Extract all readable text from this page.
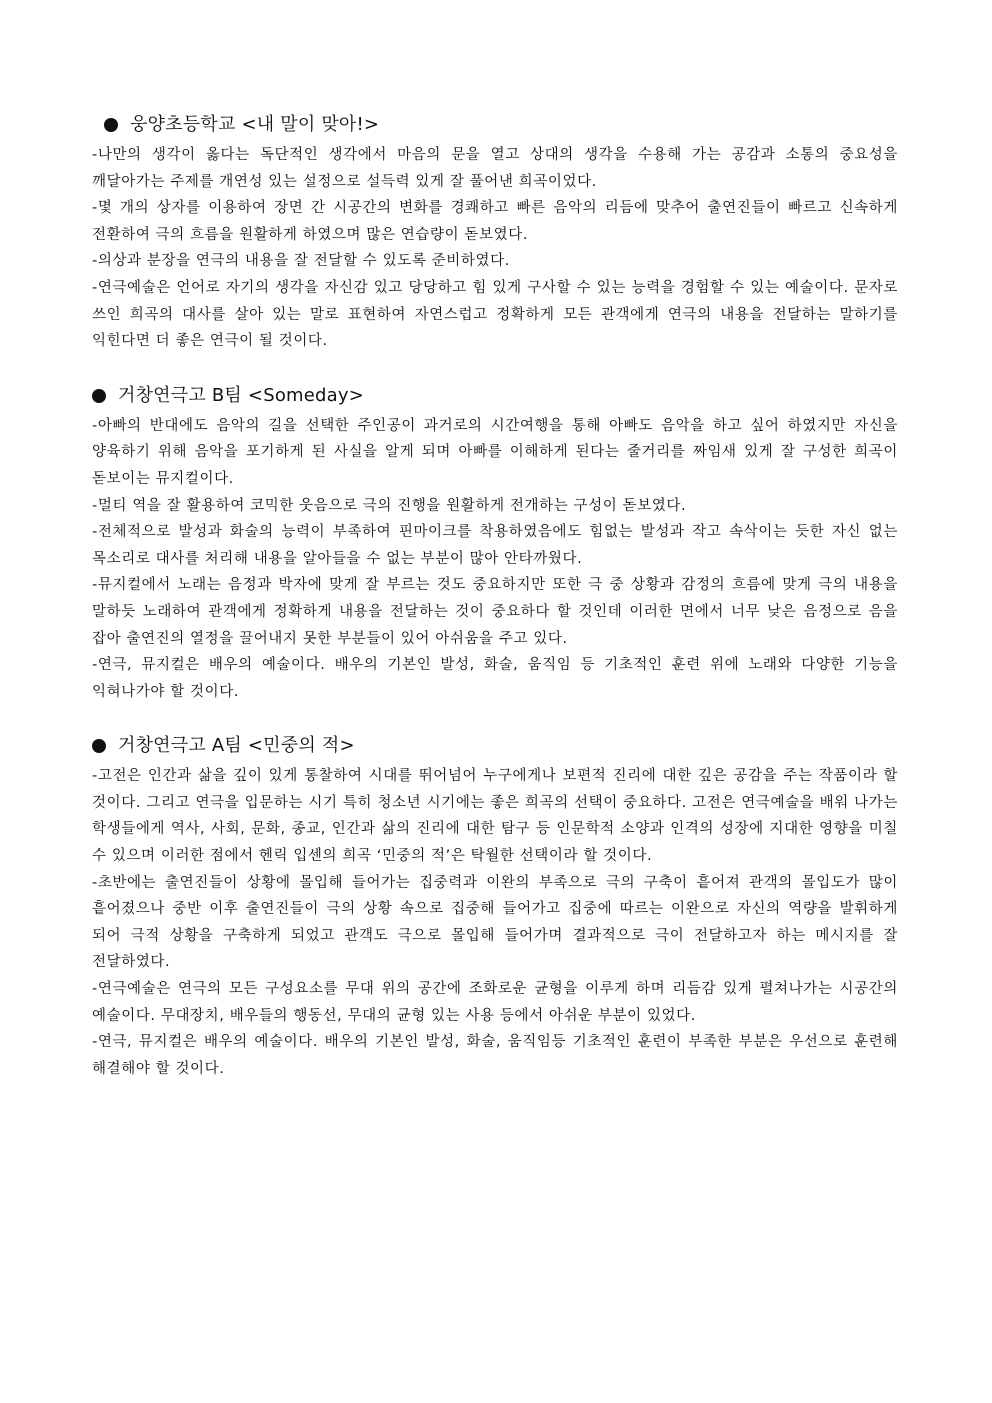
웅양초등학교 <내 말이 맞아!>

-나만의 생각이 옳다는 독단적인 생각에서 마음의 문을 열고 상대의 생각을 수용해 가는 공감과 소통의 중요성을 깨달아가는 주제를 개연성 있는 설정으로 설득력 있게 잘 풀어낸 희곡이었다.

-몇 개의 상자를 이용하여 장면 간 시공간의 변화를 경쾌하고 빠른 음악의 리듬에 맞추어 출연진들이 빠르고 신속하게 전환하여 극의 흐름을 원활하게 하였으며 많은 연습량이 돋보였다.

-의상과 분장을 연극의 내용을 잘 전달할 수 있도록 준비하였다.

-연극예술은 언어로 자기의 생각을 자신감 있고 당당하고 힘 있게 구사할 수 있는 능력을 경험할 수 있는 예술이다. 문자로 쓰인 희곡의 대사를 살아 있는 말로 표현하여 자연스럽고 정확하게 모든 관객에게 연극의 내용을 전달하는 말하기를 익힌다면 더 좋은 연극이 될 것이다.

거창연극고 B팀 <Someday>

-아빠의 반대에도 음악의 길을 선택한 주인공이 과거로의 시간여행을 통해 아빠도 음악을 하고 싶어 하였지만 자신을 양육하기 위해 음악을 포기하게 된 사실을 알게 되며 아빠를 이해하게 된다는 줄거리를 짜임새 있게 잘 구성한 희곡이 돋보이는 뮤지컬이다.

-멀티 역을 잘 활용하여 코믹한 웃음으로 극의 진행을 원활하게 전개하는 구성이 돋보였다.

-전체적으로 발성과 화술의 능력이 부족하여 핀마이크를 착용하였음에도 힘없는 발성과 작고 속삭이는 듯한 자신 없는 목소리로 대사를 처리해 내용을 알아들을 수 없는 부분이 많아 안타까웠다.

-뮤지컬에서 노래는 음정과 박자에 맞게 잘 부르는 것도 중요하지만 또한 극 중 상황과 감정의 흐름에 맞게 극의 내용을 말하듯 노래하여 관객에게 정확하게 내용을 전달하는 것이 중요하다 할 것인데 이러한 면에서 너무 낮은 음정으로 음을 잡아 출연진의 열정을 끌어내지 못한 부분들이 있어 아쉬움을 주고 있다.

-연극, 뮤지컬은 배우의 예술이다. 배우의 기본인 발성, 화술, 움직임 등 기초적인 훈련 위에 노래와 다양한 기능을 익혀나가야 할 것이다.

거창연극고 A팀 <민중의 적>

-고전은 인간과 삶을 깊이 있게 통찰하여 시대를 뛰어넘어 누구에게나 보편적 진리에 대한 깊은 공감을 주는 작품이라 할 것이다. 그리고 연극을 입문하는 시기 특히 청소년 시기에는 좋은 희곡의 선택이 중요하다. 고전은 연극예술을 배워 나가는 학생들에게 역사, 사회, 문화, 종교, 인간과 삶의 진리에 대한 탐구 등 인문학적 소양과 인격의 성장에 지대한 영향을 미칠 수 있으며 이러한 점에서 헨릭 입센의 희곡 ‘민중의 적’은 탁월한 선택이라 할 것이다.

-초반에는 출연진들이 상황에 몰입해 들어가는 집중력과 이완의 부족으로 극의 구축이 흩어져 관객의 몰입도가 많이 흩어졌으나 중반 이후 출연진들이 극의 상황 속으로 집중해 들어가고 집중에 따르는 이완으로 자신의 역량을 발휘하게 되어 극적 상황을 구축하게 되었고 관객도 극으로 몰입해 들어가며 결과적으로 극이 전달하고자 하는 메시지를 잘 전달하였다.

-연극예술은 연극의 모든 구성요소를 무대 위의 공간에 조화로운 균형을 이루게 하며 리듬감 있게 펼쳐나가는 시공간의 예술이다. 무대장치, 배우들의 행동선, 무대의 균형 있는 사용 등에서 아쉬운 부분이 있었다.

-연극, 뮤지컬은 배우의 예술이다. 배우의 기본인 발성, 화술, 움직임등 기초적인 훈련이 부족한 부분은 우선으로 훈련해 해결해야 할 것이다.
